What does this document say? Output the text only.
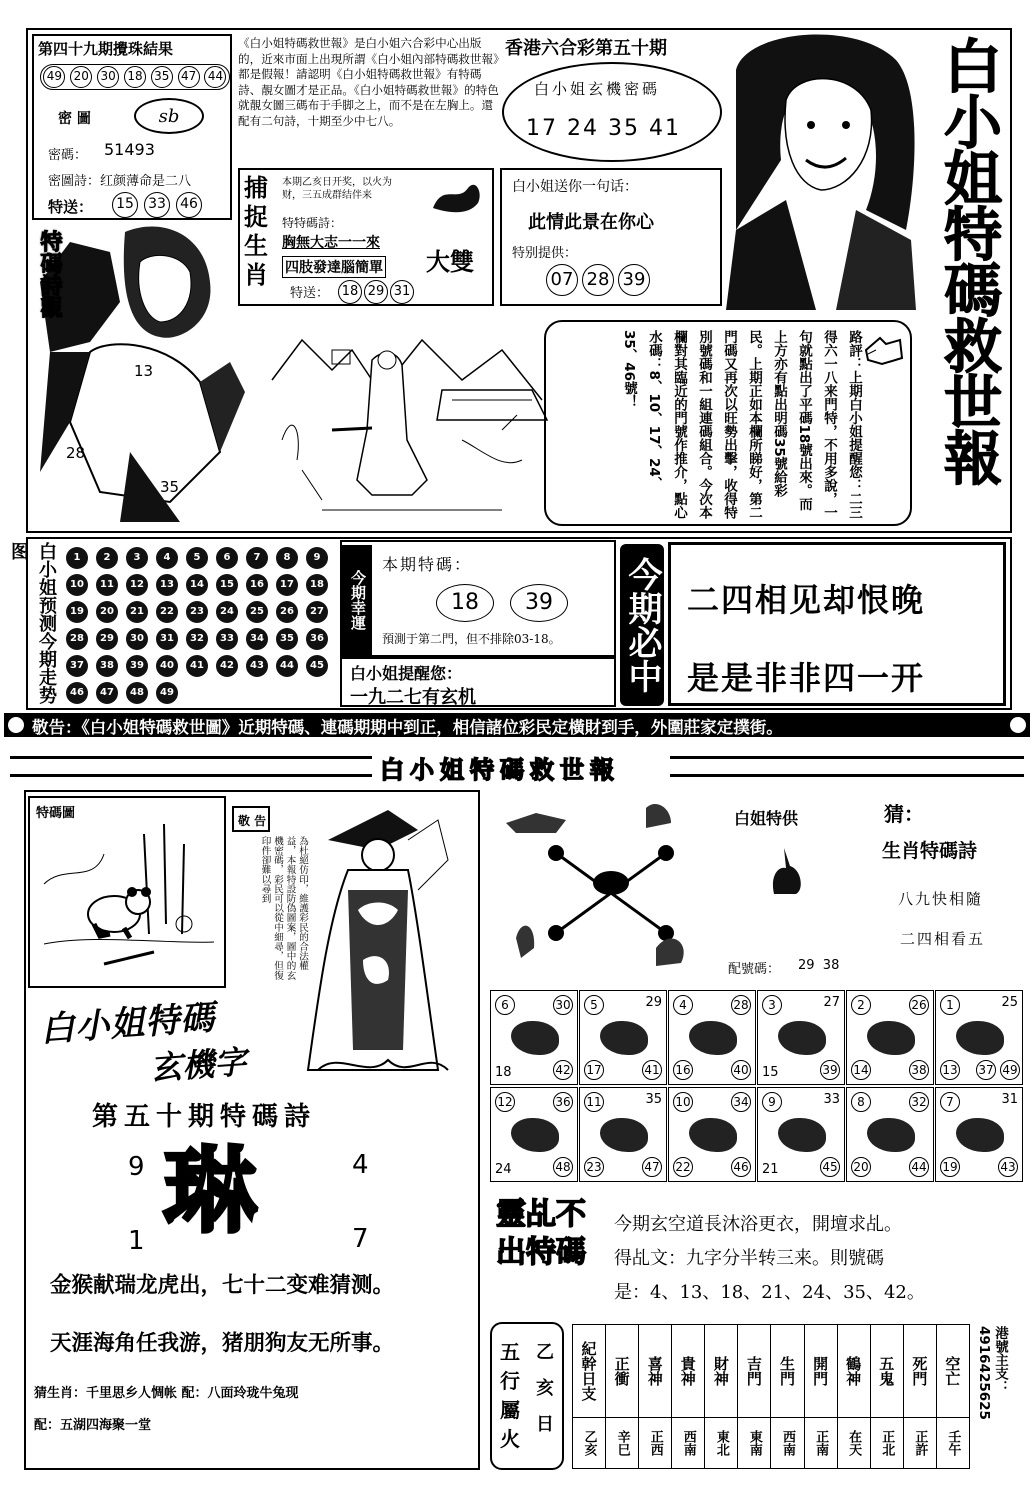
第四十九期攪珠結果
49 20 30 18 35 47 44
密 圖	sb
密碼： 51493
密圖詩：红颜薄命是二八
特送： 15 33 46
特碼詩觀
13
28
35
《白小姐特碼救世報》是白小姐六合彩中心出版的，近來市面上出現所謂《白小姐內部特碼救世報》都是假報！請認明《白小姐特碼救世報》有特碼詩、靚女圖才是正品。《白小姐特碼救世報》的特色就靚女圖三碼布于手脚之上，而不是在左胸上。還配有二句詩，十期至少中七八。
香港六合彩第五十期
白小姐玄機密碼
17 24 35 41
捕
捉
生
肖
本期乙亥日开奖，以火为财，三五成群结伴来
特特碼詩：
胸無大志一一來
四肢發達腦簡單 大雙
特送： 18 29 31
白小姐送你一句话：
此情此景在你心
特别提供：
07 28 39	白小姐特碼救世報
路評：上期白小姐提醒您：二三得六一八来門特，不用多說，一句就點出了平碼18號出來。而上方亦有點出明碼35號給彩民。上期正如本欄所睇好，第二門碼又再次以旺勢出擊，收得特別號碼和一組連碼組合。今次本欄對其臨近的門號作推介，點心水碼：8、10、17、24、35、46號！
白小姐预测今期走势图	1	2	3	4	5	6	7	8	9
10	11	12	13	14	15	16	17	18
19	20	21	22	23	24	25	26	27
28	29	30	31	32	33	34	35	36
37	38	39	40	41	42	43	44	45
46	47	48	49
今期幸運
本期特碼：
18	39
預測于第二門，但不排除03-18。
白小姐提醒您：
一九二七有玄机
今期必中 二四相见却恨晚
是是非非四一开
敬告：《白小姐特碼救世圖》近期特碼、連碼期期中到正，相信諸位彩民定橫財到手，外圍莊家定撲街。
白小姐特碼救世報
特碼圖	敬 告
為杜絕仿印，維護彩民的合法權益，本報特設防偽圖案，圖中的玄機密碼，彩民可以從中細尋，但復印件卻難以尋到
白小姐特碼
玄機字
第五十期特碼詩
9	4
1	7
琳
金猴献瑞龙虎出，七十二变难猜测。
天涯海角任我游，猪朋狗友无所事。
猜生肖：千里思乡人惆帐 配：八面玲珑牛兔现
配：五湖四海聚一堂
白姐特供
配號碼： 29  38
猜：
生肖特碼詩
八九快相隨
二四相看五
6	30
18	42
5	29
17	41
4	28
16	40
3	27
15	39
2	26
14	38
1	25
13 37 49
12	36
24	48
11	35
23	47
10	34
22	46
9	33
21	45
8	32
20	44
7	31
19	43
靈乩不出特碼
今期玄空道長沐浴更衣，開壇求乩。
得乩文：九字分半转三来。則號碼
是：4、13、18、21、24、35、42。
五
行
屬
火 乙亥日 紀幹日支	正衝	喜神	貴神	財神	吉門	生門	開門	鶴神	五鬼	死門	空亡

乙亥	辛巳	正西	西南	東北	東南	西南	正南	在天	正北	正許	壬午
港號主支：4916425625
